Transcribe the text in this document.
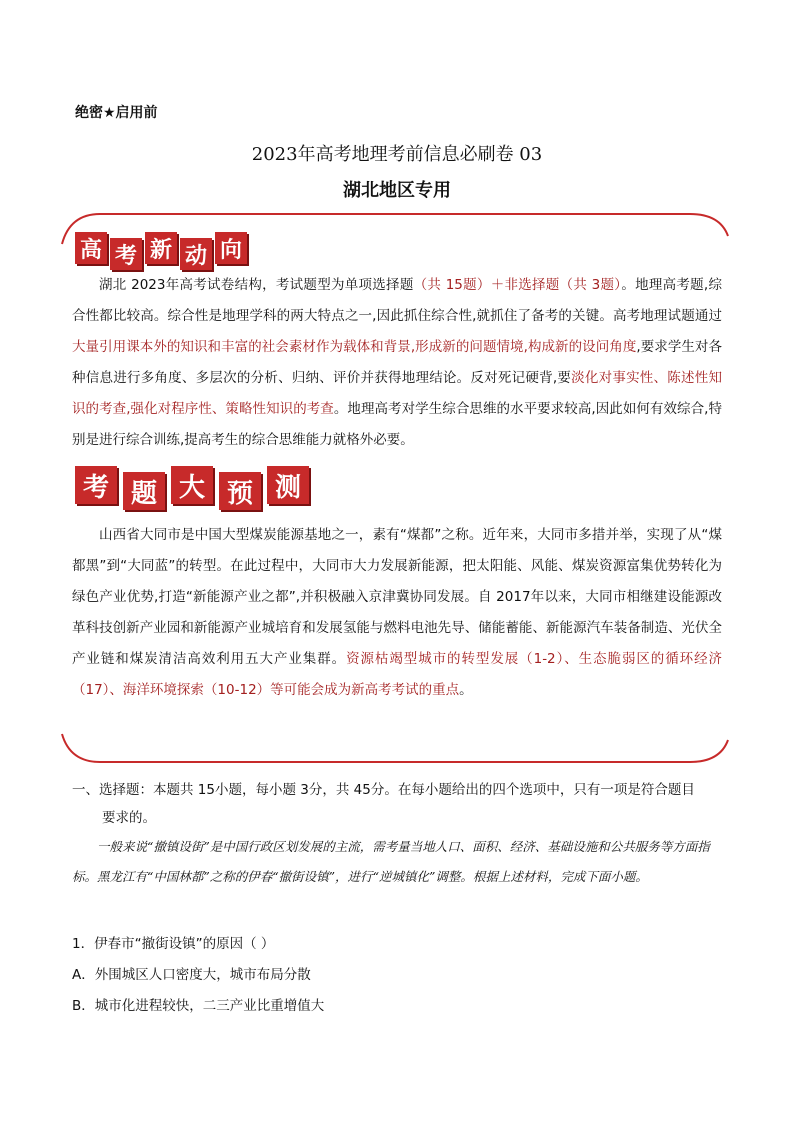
绝密★启用前
2023年高考地理考前信息必刷卷 03
湖北地区专用
高 考 新 动 向
湖北 2023年高考试卷结构，考试题型为单项选择题（共 15题）＋非选择题（共 3题）。地理高考题,综合性都比较高。综合性是地理学科的两大特点之一,因此抓住综合性,就抓住了备考的关键。高考地理试题通过大量引用课本外的知识和丰富的社会素材作为载体和背景,形成新的问题情境,构成新的设问角度,要求学生对各种信息进行多角度、多层次的分析、归纳、评价并获得地理结论。反对死记硬背,要淡化对事实性、陈述性知识的考查,强化对程序性、策略性知识的考查。地理高考对学生综合思维的水平要求较高,因此如何有效综合,特别是进行综合训练,提高考生的综合思维能力就格外必要。
考 题 大 预 测
山西省大同市是中国大型煤炭能源基地之一，素有“煤都”之称。近年来，大同市多措并举，实现了从“煤都黑”到“大同蓝”的转型。在此过程中，大同市大力发展新能源，把太阳能、风能、煤炭资源富集优势转化为绿色产业优势,打造“新能源产业之都”,并积极融入京津冀协同发展。自 2017年以来，大同市相继建设能源改革科技创新产业园和新能源产业城培育和发展氢能与燃料电池先导、储能蓄能、新能源汽车装备制造、光伏全产业链和煤炭清洁高效利用五大产业集群。资源枯竭型城市的转型发展（1-2）、生态脆弱区的循环经济（17）、海洋环境探索（10-12）等可能会成为新高考考试的重点。
一、选择题：本题共 15小题，每小题 3分，共 45分。在每小题给出的四个选项中，只有一项是符合题目
要求的。
一般来说“撤镇设街”是中国行政区划发展的主流，需考量当地人口、面积、经济、基础设施和公共服务等方面指标。黑龙江有“中国林都”之称的伊春“撤街设镇”，进行“逆城镇化”调整。根据上述材料，完成下面小题。
1．伊春市“撤街设镇”的原因（ ）
A．外围城区人口密度大，城市布局分散
B．城市化进程较快，二三产业比重增值大
